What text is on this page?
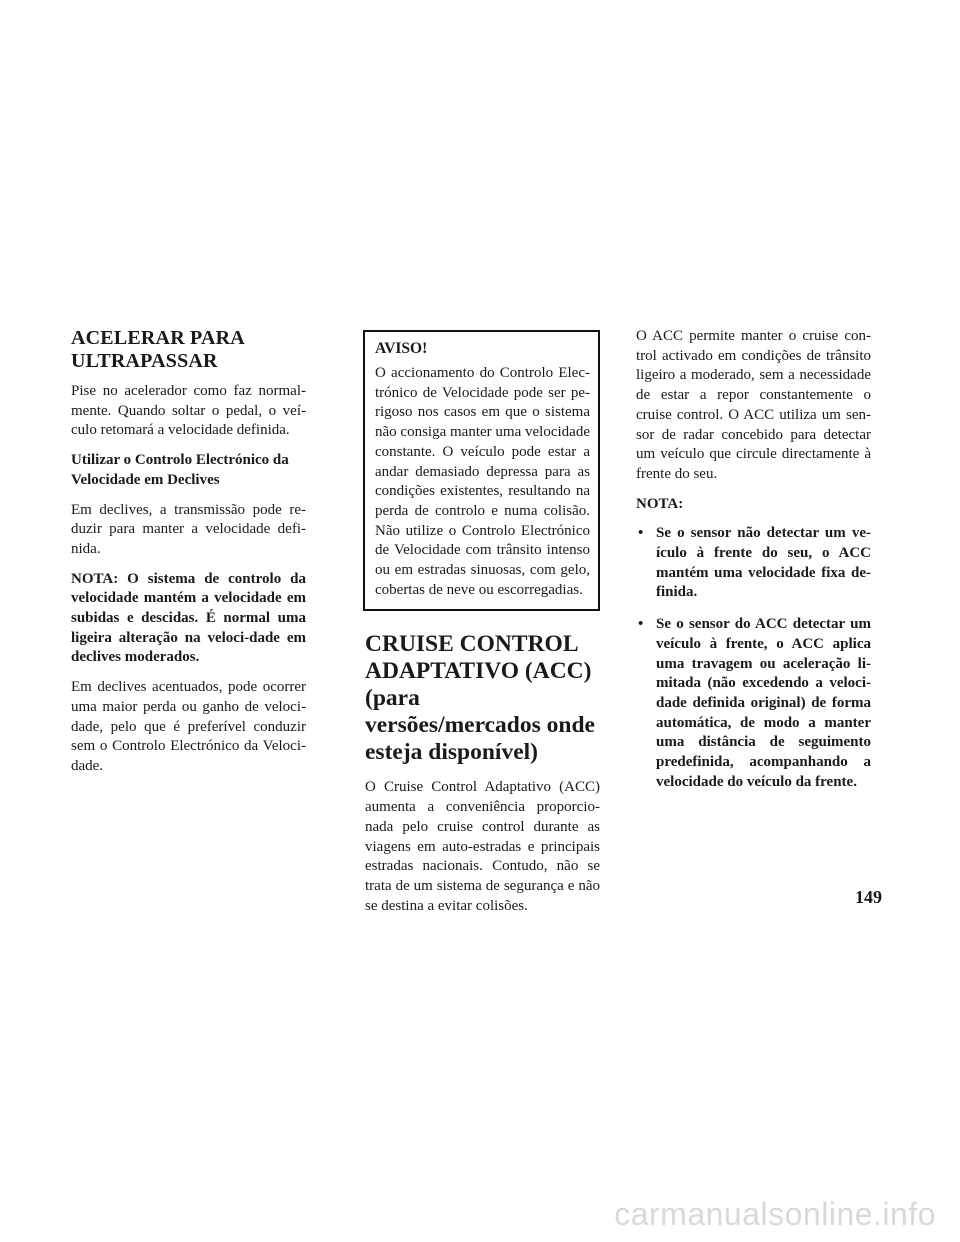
ACELERAR PARA ULTRAPASSAR

Pise no acelerador como faz normal-mente. Quando soltar o pedal, o veí-culo retomará a velocidade definida.

Utilizar o Controlo Electrónico da Velocidade em Declives

Em declives, a transmissão pode re-duzir para manter a velocidade defi-nida.

NOTA: O sistema de controlo da velocidade mantém a velocidade em subidas e descidas. É normal uma ligeira alteração na veloci-dade em declives moderados.

Em declives acentuados, pode ocorrer uma maior perda ou ganho de veloci-dade, pelo que é preferível conduzir sem o Controlo Electrónico da Veloci-dade.

AVISO!

O accionamento do Controlo Elec-trónico de Velocidade pode ser pe-rigoso nos casos em que o sistema não consiga manter uma velocidade constante. O veículo pode estar a andar demasiado depressa para as condições existentes, resultando na perda de controlo e numa colisão. Não utilize o Controlo Electrónico de Velocidade com trânsito intenso ou em estradas sinuosas, com gelo, cobertas de neve ou escorregadias.

CRUISE CONTROL ADAPTATIVO (ACC) (para versões/mercados onde esteja disponível)

O Cruise Control Adaptativo (ACC) aumenta a conveniência proporcio-nada pelo cruise control durante as viagens em auto-estradas e principais estradas nacionais. Contudo, não se trata de um sistema de segurança e não se destina a evitar colisões.

O ACC permite manter o cruise con-trol activado em condições de trânsito ligeiro a moderado, sem a necessidade de estar a repor constantemente o cruise control. O ACC utiliza um sen-sor de radar concebido para detectar um veículo que circule directamente à frente do seu.

NOTA:

• Se o sensor não detectar um ve-ículo à frente do seu, o ACC mantém uma velocidade fixa de-finida.
• Se o sensor do ACC detectar um veículo à frente, o ACC aplica uma travagem ou aceleração li-mitada (não excedendo a veloci-dade definida original) de forma automática, de modo a manter uma distância de seguimento predefinida, acompanhando a velocidade do veículo da frente.
149
carmanualsonline.info
